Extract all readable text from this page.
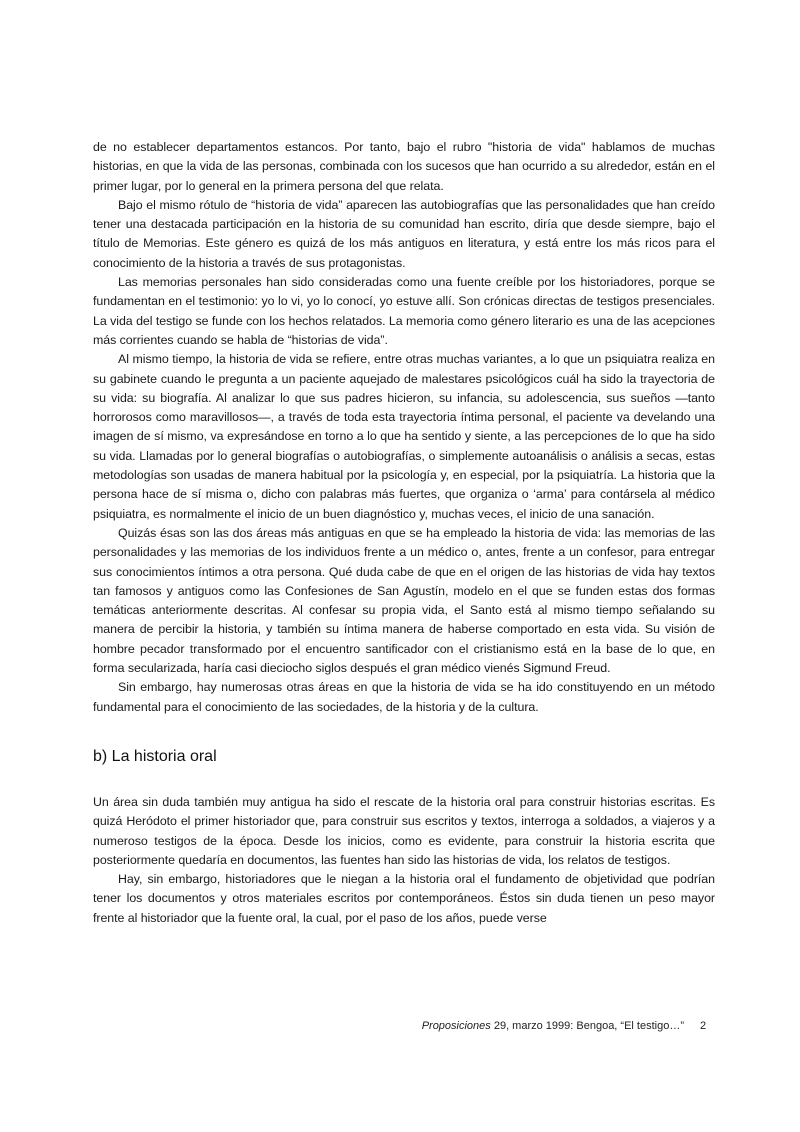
de no establecer departamentos estancos. Por tanto, bajo el rubro "historia de vida" hablamos de muchas historias, en que la vida de las personas, combinada con los sucesos que han ocurrido a su alrededor, están en el primer lugar, por lo general en la primera persona del que relata.

Bajo el mismo rótulo de “historia de vida” aparecen las autobiografías que las personalidades que han creído tener una destacada participación en la historia de su comunidad han escrito, diría que desde siempre, bajo el título de Memorias. Este género es quizá de los más antiguos en literatura, y está entre los más ricos para el conocimiento de la historia a través de sus protagonistas.

Las memorias personales han sido consideradas como una fuente creíble por los historiadores, porque se fundamentan en el testimonio: yo lo vi, yo lo conocí, yo estuve allí. Son crónicas directas de testigos presenciales. La vida del testigo se funde con los hechos relatados. La memoria como género literario es una de las acepciones más corrientes cuando se habla de “historias de vida”.

Al mismo tiempo, la historia de vida se refiere, entre otras muchas variantes, a lo que un psiquiatra realiza en su gabinete cuando le pregunta a un paciente aquejado de malestares psicológicos cuál ha sido la trayectoria de su vida: su biografía. Al analizar lo que sus padres hicieron, su infancia, su adolescencia, sus sueños —tanto horrorosos como maravillosos—, a través de toda esta trayectoria íntima personal, el paciente va develando una imagen de sí mismo, va expresándose en torno a lo que ha sentido y siente, a las percepciones de lo que ha sido su vida. Llamadas por lo general biografías o autobiografías, o simplemente autoanálisis o análisis a secas, estas metodologías son usadas de manera habitual por la psicología y, en especial, por la psiquiatría. La historia que la persona hace de sí misma o, dicho con palabras más fuertes, que organiza o ‘arma’ para contársela al médico psiquiatra, es normalmente el inicio de un buen diagnóstico y, muchas veces, el inicio de una sanación.

Quizás ésas son las dos áreas más antiguas en que se ha empleado la historia de vida: las memorias de las personalidades y las memorias de los individuos frente a un médico o, antes, frente a un confesor, para entregar sus conocimientos íntimos a otra persona. Qué duda cabe de que en el origen de las historias de vida hay textos tan famosos y antiguos como las Confesiones de San Agustín, modelo en el que se funden estas dos formas temáticas anteriormente descritas. Al confesar su propia vida, el Santo está al mismo tiempo señalando su manera de percibir la historia, y también su íntima manera de haberse comportado en esta vida. Su visión de hombre pecador transformado por el encuentro santificador con el cristianismo está en la base de lo que, en forma secularizada, haría casi dieciocho siglos después el gran médico vienés Sigmund Freud.

Sin embargo, hay numerosas otras áreas en que la historia de vida se ha ido constituyendo en un método fundamental para el conocimiento de las sociedades, de la historia y de la cultura.

b) La historia oral

Un área sin duda también muy antigua ha sido el rescate de la historia oral para construir historias escritas. Es quizá Heródoto el primer historiador que, para construir sus escritos y textos, interroga a soldados, a viajeros y a numeroso testigos de la época. Desde los inicios, como es evidente, para construir la historia escrita que posteriormente quedaría en documentos, las fuentes han sido las historias de vida, los relatos de testigos.

Hay, sin embargo, historiadores que le niegan a la historia oral el fundamento de objetividad que podrían tener los documentos y otros materiales escritos por contemporáneos. Éstos sin duda tienen un peso mayor frente al historiador que la fuente oral, la cual, por el paso de los años, puede verse

Proposiciones 29, marzo 1999: Bengoa, “El testigo…” 2
